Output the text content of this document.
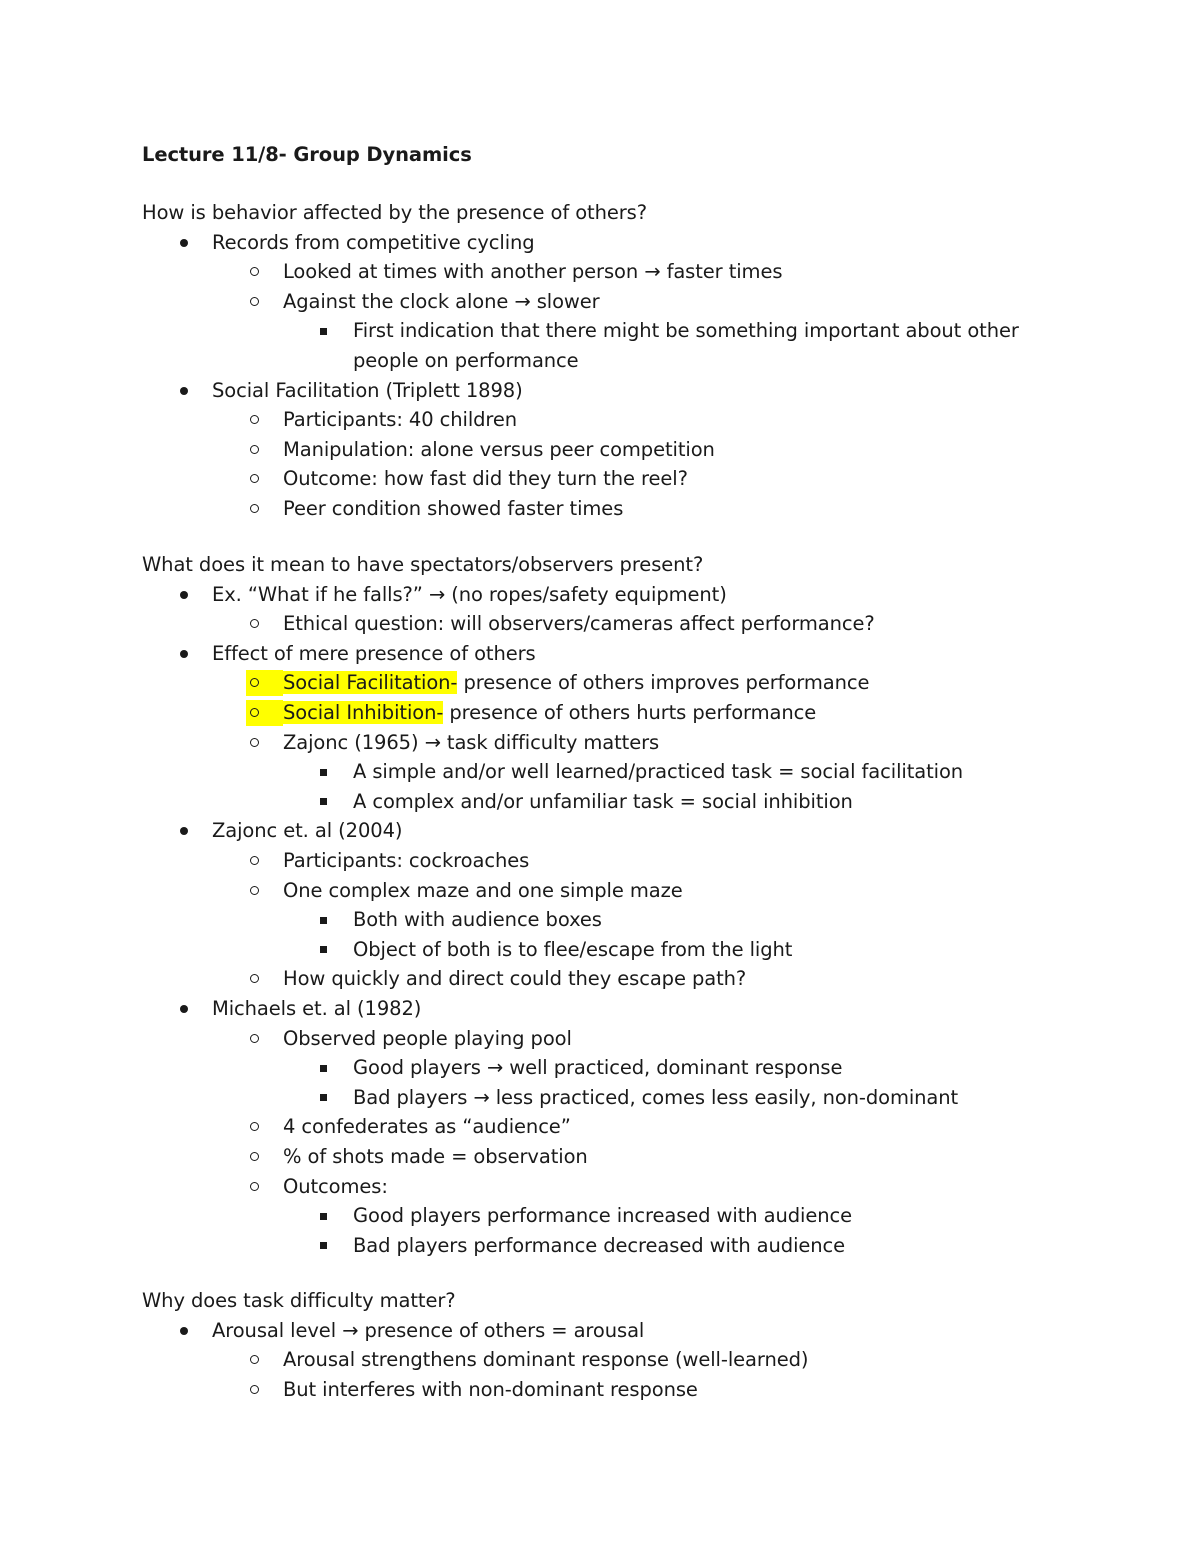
Lecture 11/8- Group Dynamics
How is behavior affected by the presence of others?
Records from competitive cycling
Looked at times with another person → faster times
Against the clock alone → slower
First indication that there might be something important about other
people on performance
Social Facilitation (Triplett 1898)
Participants: 40 children
Manipulation: alone versus peer competition
Outcome: how fast did they turn the reel?
Peer condition showed faster times
What does it mean to have spectators/observers present?
Ex. “What if he falls?” → (no ropes/safety equipment)
Ethical question: will observers/cameras affect performance?
Effect of mere presence of others
Social Facilitation- presence of others improves performance
Social Inhibition- presence of others hurts performance
Zajonc (1965) → task difficulty matters
A simple and/or well learned/practiced task = social facilitation
A complex and/or unfamiliar task = social inhibition
Zajonc et. al (2004)
Participants: cockroaches
One complex maze and one simple maze
Both with audience boxes
Object of both is to flee/escape from the light
How quickly and direct could they escape path?
Michaels et. al (1982)
Observed people playing pool
Good players → well practiced, dominant response
Bad players → less practiced, comes less easily, non-dominant
4 confederates as “audience”
% of shots made = observation
Outcomes:
Good players performance increased with audience
Bad players performance decreased with audience
Why does task difficulty matter?
Arousal level → presence of others = arousal
Arousal strengthens dominant response (well-learned)
But interferes with non-dominant response
